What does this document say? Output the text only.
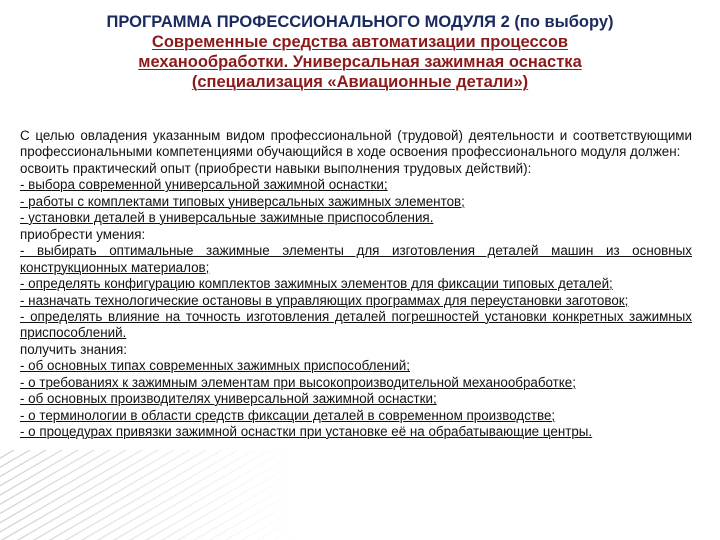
ПРОГРАММА ПРОФЕССИОНАЛЬНОГО МОДУЛЯ 2 (по выбору)
Современные средства автоматизации процессов
механообработки. Универсальная зажимная оснастка
(специализация «Авиационные детали»)

С целью овладения указанным видом профессиональной (трудовой) деятельности и соответствующими профессиональными компетенциями обучающийся в ходе освоения профессионального модуля должен:

освоить практический опыт (приобрести навыки выполнения трудовых действий):

- выбора современной универсальной зажимной оснастки;

- работы с комплектами типовых универсальных зажимных элементов;

- установки деталей в универсальные зажимные приспособления.

приобрести умения:

- выбирать оптимальные зажимные элементы для изготовления деталей машин из основных конструкционных материалов;

- определять конфигурацию комплектов зажимных элементов для фиксации типовых деталей;

- назначать технологические остановы в управляющих программах для переустановки заготовок;

- определять влияние на точность изготовления деталей погрешностей установки конкретных зажимных приспособлений.

получить знания:

- об основных типах современных зажимных приспособлений;

- о требованиях к зажимным элементам при высокопроизводительной механообработке;

- об основных производителях универсальной зажимной оснастки;

- о терминологии в области средств фиксации деталей в современном производстве;

- о процедурах привязки зажимной оснастки при установке её на обрабатывающие центры.
